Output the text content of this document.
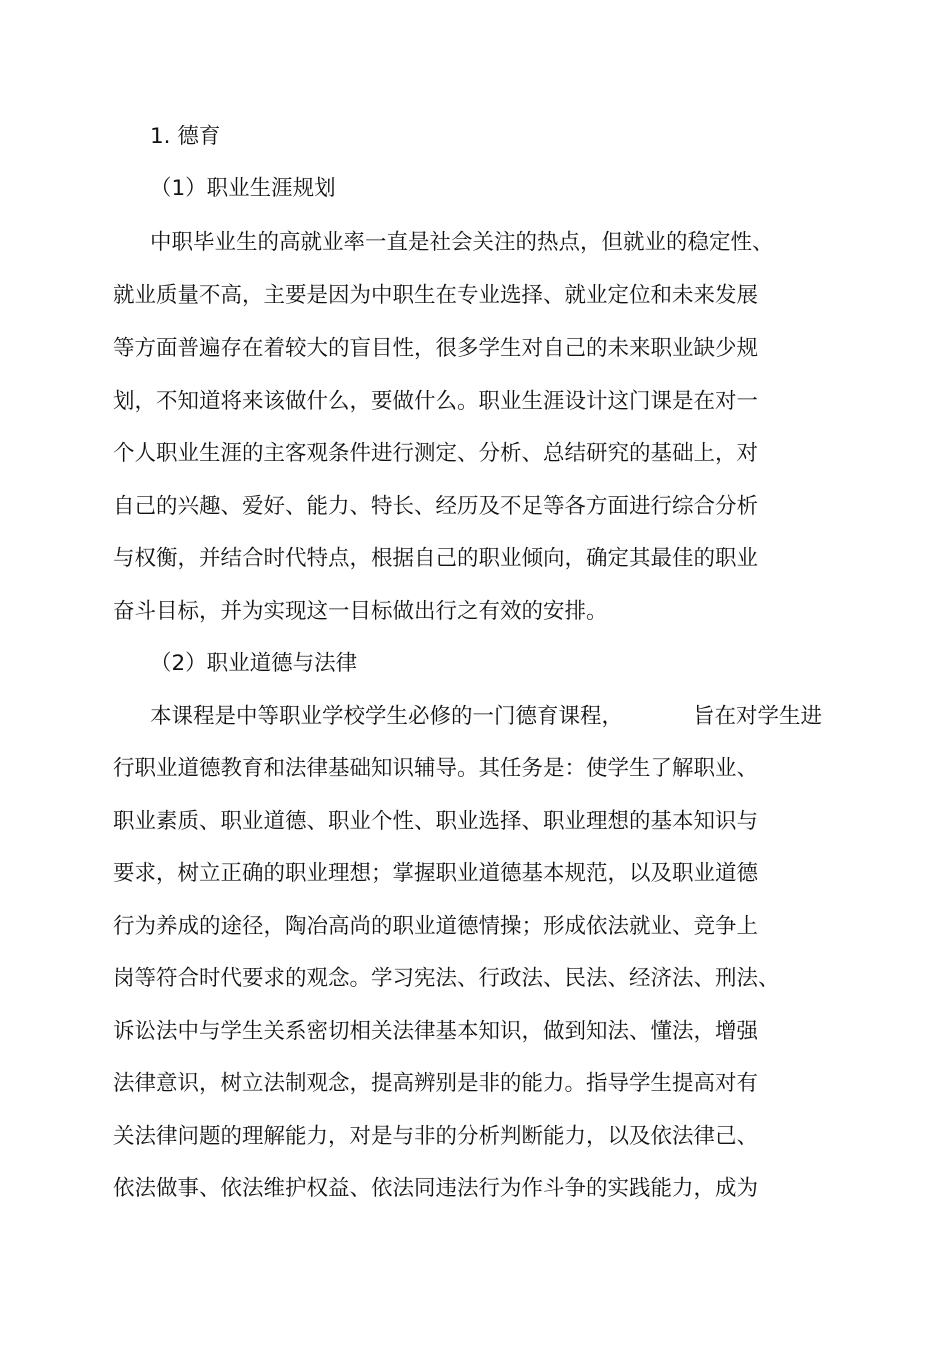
1. 德育
（1）职业生涯规划
中职毕业生的高就业率一直是社会关注的热点，但就业的稳定性、
就业质量不高，主要是因为中职生在专业选择、就业定位和未来发展
等方面普遍存在着较大的盲目性，很多学生对自己的未来职业缺少规
划，不知道将来该做什么，要做什么。职业生涯设计这门课是在对一
个人职业生涯的主客观条件进行测定、分析、总结研究的基础上，对
自己的兴趣、爱好、能力、特长、经历及不足等各方面进行综合分析
与权衡，并结合时代特点，根据自己的职业倾向，确定其最佳的职业
奋斗目标，并为实现这一目标做出行之有效的安排。
（2）职业道德与法律
本课程是中等职业学校学生必修的一门德育课程，	旨在对学生进
行职业道德教育和法律基础知识辅导。其任务是：使学生了解职业、
职业素质、职业道德、职业个性、职业选择、职业理想的基本知识与
要求，树立正确的职业理想；掌握职业道德基本规范，以及职业道德
行为养成的途径，陶冶高尚的职业道德情操；形成依法就业、竞争上
岗等符合时代要求的观念。学习宪法、行政法、民法、经济法、刑法、
诉讼法中与学生关系密切相关法律基本知识，做到知法、懂法，增强
法律意识，树立法制观念，提高辨别是非的能力。指导学生提高对有
关法律问题的理解能力，对是与非的分析判断能力，以及依法律己、
依法做事、依法维护权益、依法同违法行为作斗争的实践能力，成为
